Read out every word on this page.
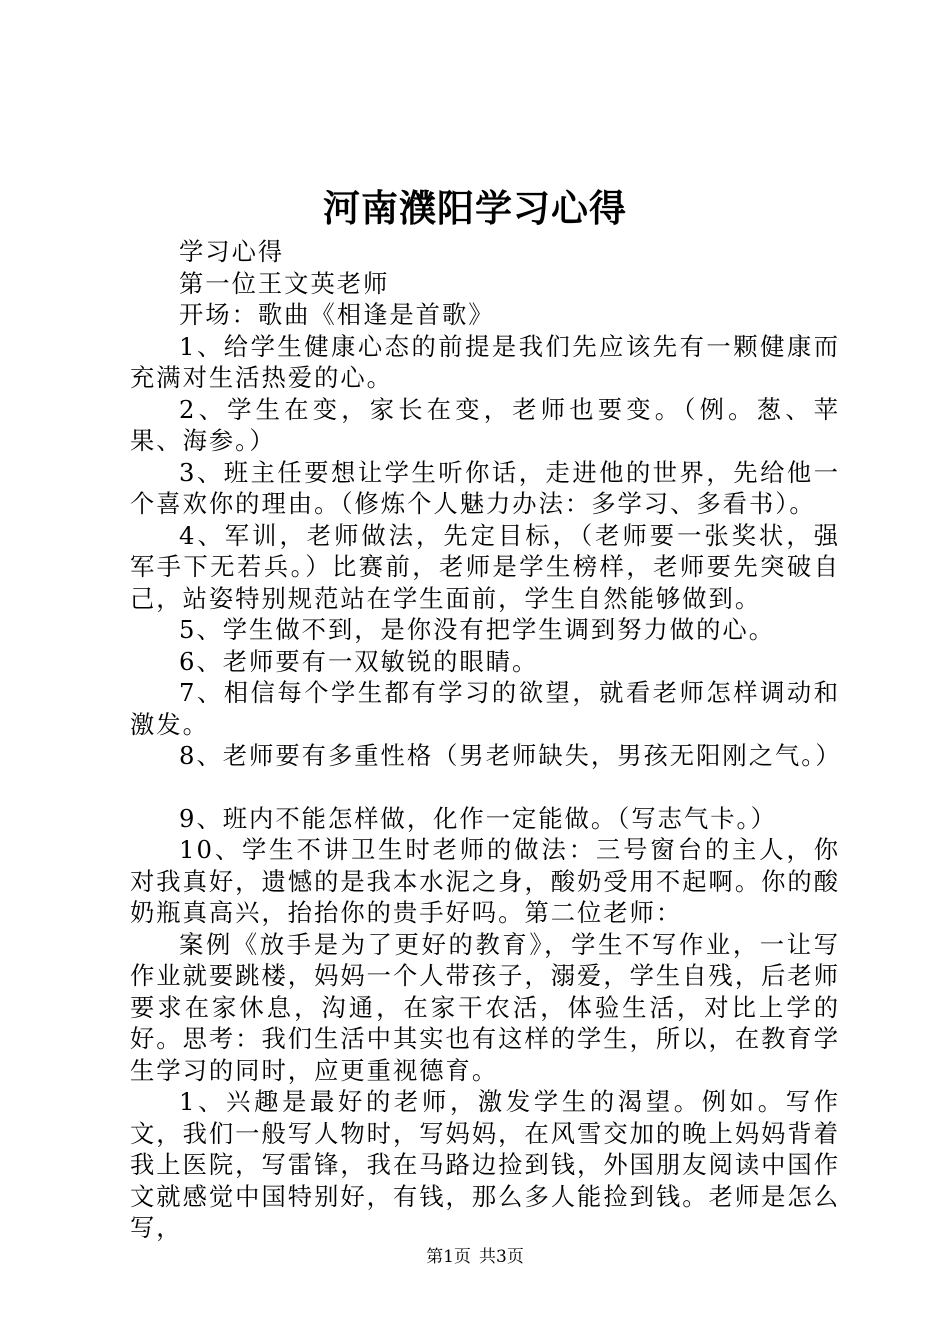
河南濮阳学习心得

学习心得

第一位王文英老师

开场：歌曲《相逢是首歌》

1、给学生健康心态的前提是我们先应该先有一颗健康而充满对生活热爱的心。

2、学生在变，家长在变，老师也要变。（例。葱、苹果、海参。）

3、班主任要想让学生听你话，走进他的世界，先给他一个喜欢你的理由。（修炼个人魅力办法：多学习、多看书）。

4、军训，老师做法，先定目标，（老师要一张奖状，强军手下无若兵。）比赛前，老师是学生榜样，老师要先突破自己，站姿特别规范站在学生面前，学生自然能够做到。

5、学生做不到，是你没有把学生调到努力做的心。

6、老师要有一双敏锐的眼睛。

7、相信每个学生都有学习的欲望，就看老师怎样调动和激发。

8、老师要有多重性格（男老师缺失，男孩无阳刚之气。）

9、班内不能怎样做，化作一定能做。（写志气卡。）

10、学生不讲卫生时老师的做法：三号窗台的主人，你对我真好，遗憾的是我本水泥之身，酸奶受用不起啊。你的酸奶瓶真高兴，抬抬你的贵手好吗。第二位老师：

案例《放手是为了更好的教育》，学生不写作业，一让写作业就要跳楼，妈妈一个人带孩子，溺爱，学生自残，后老师要求在家休息，沟通，在家干农活，体验生活，对比上学的好。思考：我们生活中其实也有这样的学生，所以，在教育学生学习的同时，应更重视德育。

1、兴趣是最好的老师，激发学生的渴望。例如。写作文，我们一般写人物时，写妈妈，在风雪交加的晚上妈妈背着我上医院，写雷锋，我在马路边捡到钱，外国朋友阅读中国作文就感觉中国特别好，有钱，那么多人能捡到钱。老师是怎么写，

第1页 共3页
